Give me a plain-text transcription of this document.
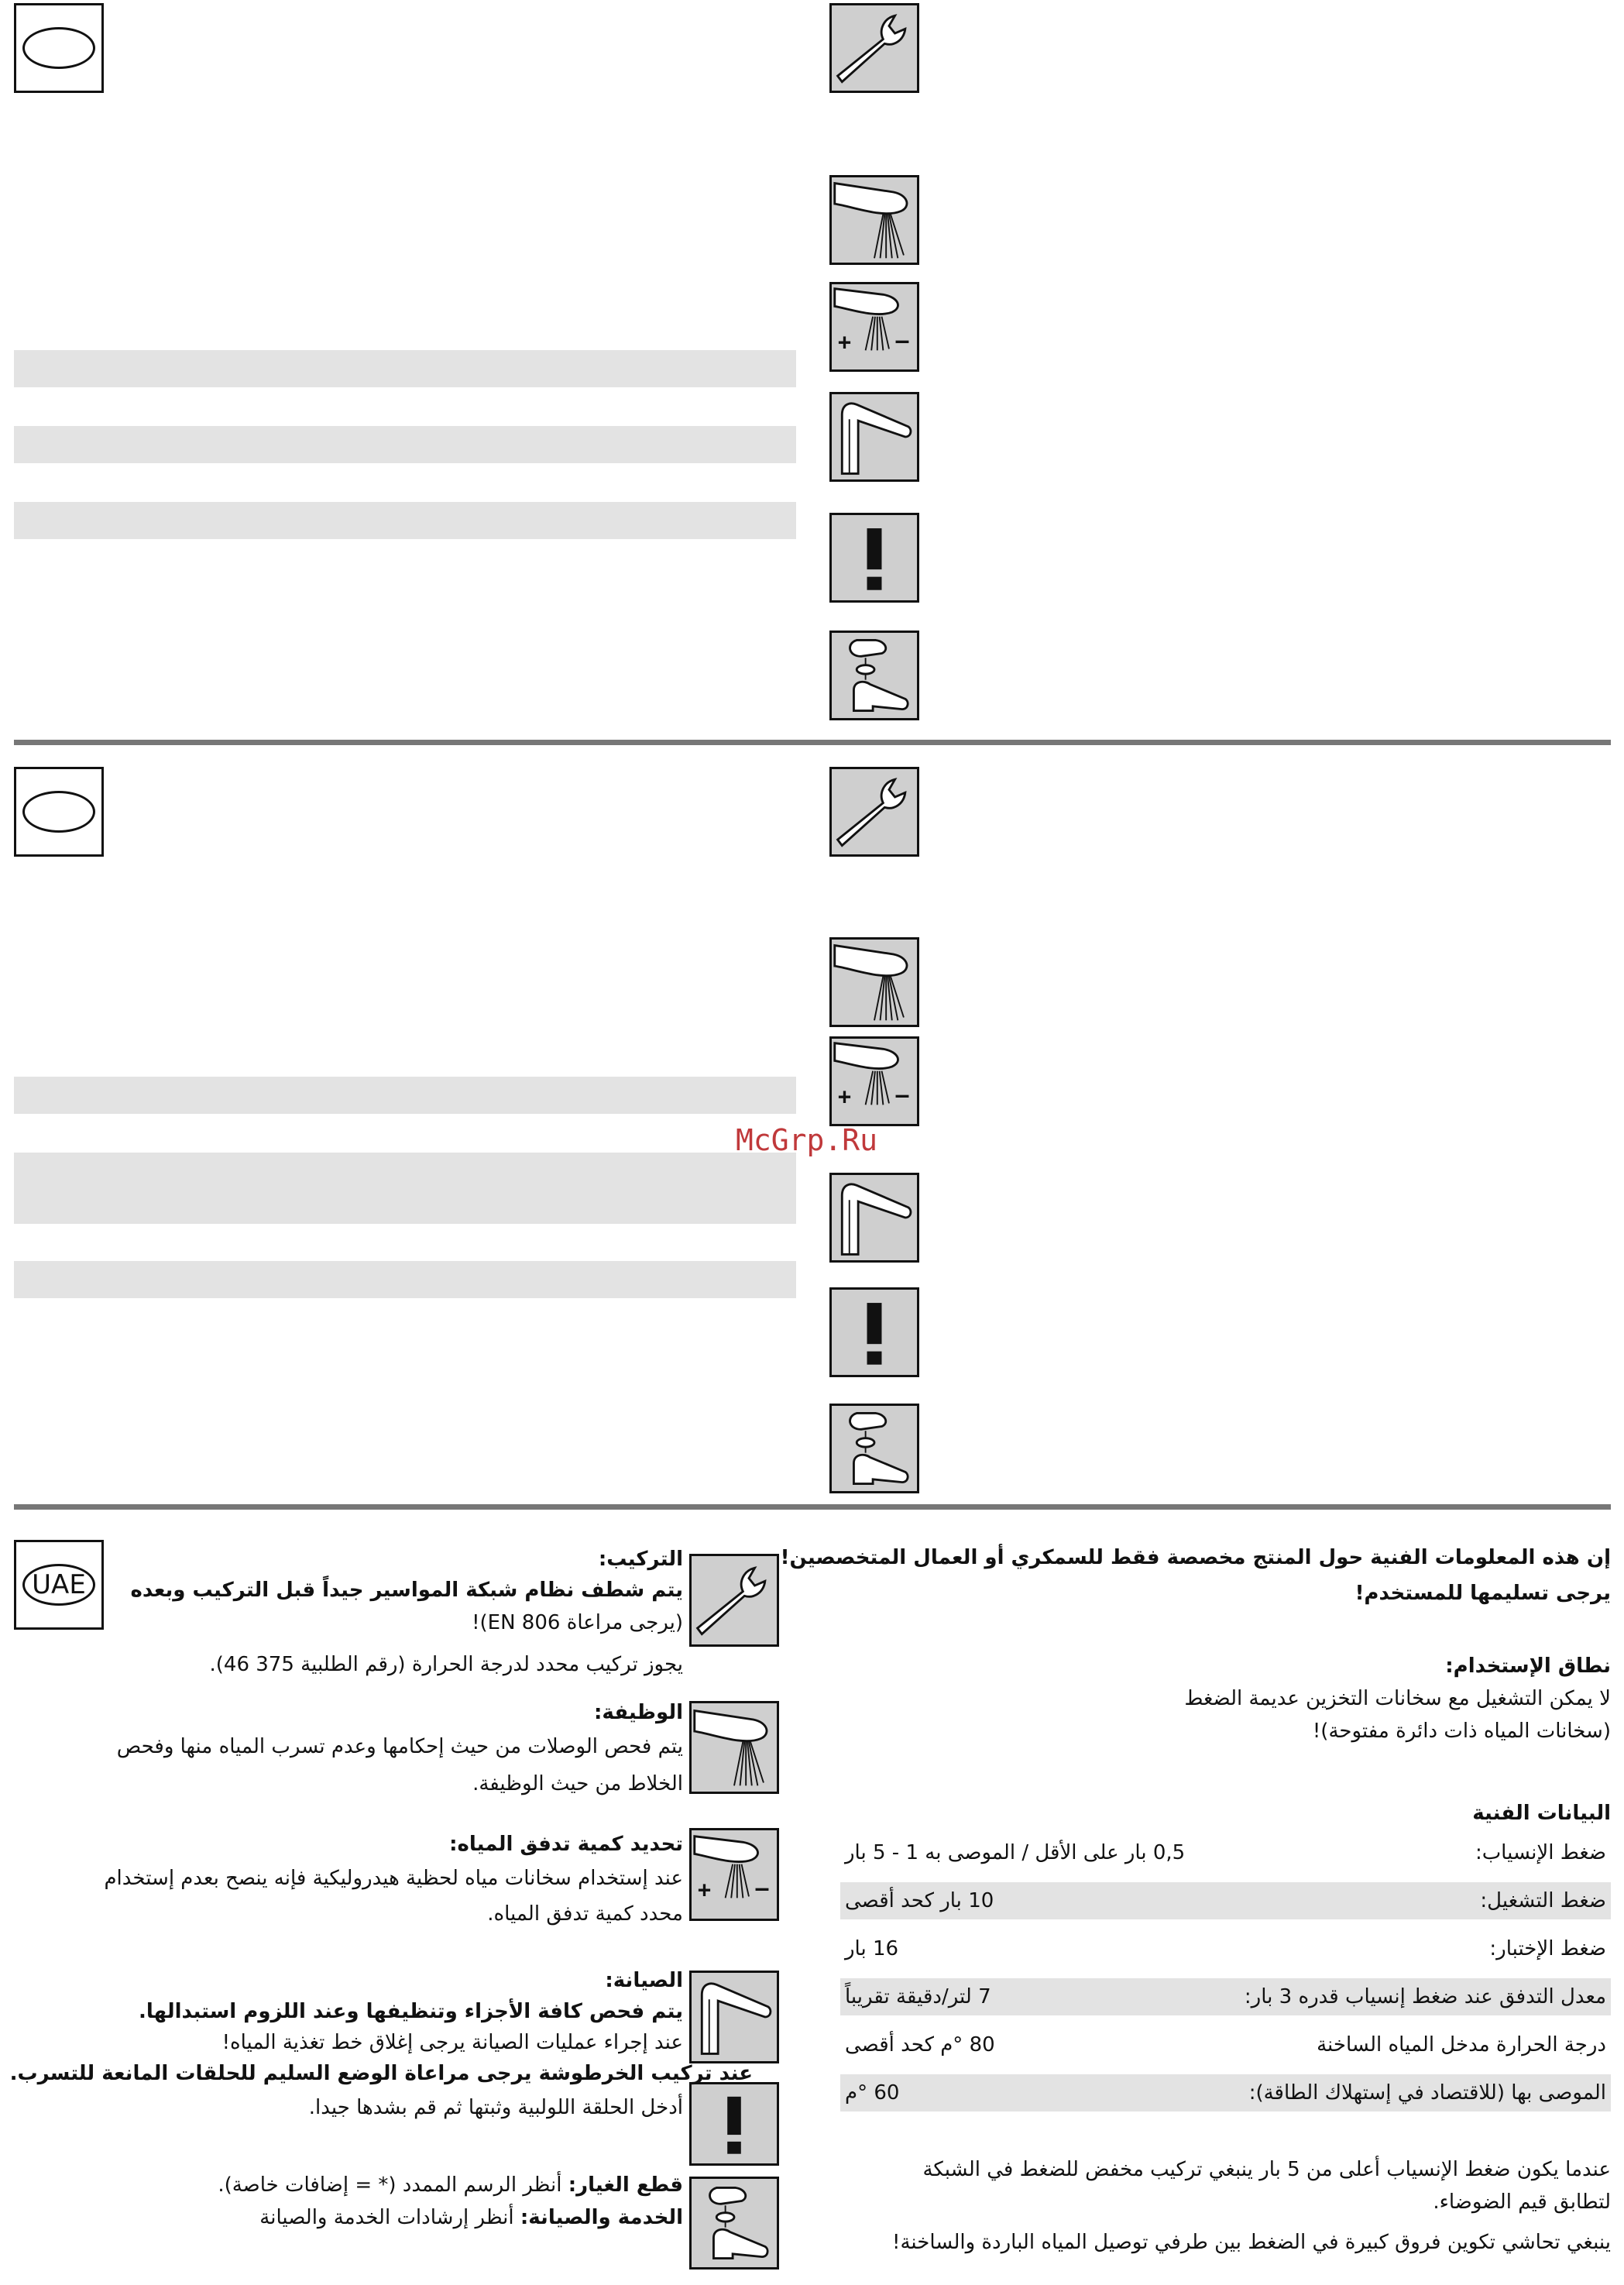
McGrp.Ru
UAE
التركيب:
يتم شطف نظام شبكة المواسير جيداً قبل التركيب وبعده
(يرجى مراعاة EN 806)!
يجوز تركيب محدد لدرجة الحرارة (رقم الطلبية 375 46).
الوظيفة:
يتم فحص الوصلات من حيث إحكامها وعدم تسرب المياه منها وفحص
الخلاط من حيث الوظيفة.
تحديد كمية تدفق المياه:
عند إستخدام سخانات مياه لحظية هيدروليكية فإنه ينصح بعدم إستخدام
محدد كمية تدفق المياه.
الصيانة:
يتم فحص كافة الأجزاء وتنظيفها وعند اللزوم استبدالها.
عند إجراء عمليات الصيانة يرجى إغلاق خط تغذية المياه!
عند تركيب الخرطوشة يرجى مراعاة الوضع السليم للحلقات المانعة للتسرب.
أدخل الحلقة اللولبية وثبتها ثم قم بشدها جيدا.
قطع الغيار: أنظر الرسم الممدد (* = إضافات خاصة).
الخدمة والصيانة: أنظر إرشادات الخدمة والصيانة
إن هذه المعلومات الفنية حول المنتج مخصصة فقط للسمكري أو العمال المتخصصين!
يرجى تسليمها للمستخدم!
نطاق الإستخدام:
لا يمكن التشغيل مع سخانات التخزين عديمة الضغط
(سخانات المياه ذات دائرة مفتوحة)!
البيانات الفنية
ضغط الإنسياب:
0,5 بار على الأقل / الموصى به 1 - 5 بار
ضغط التشغيل:
10 بار كحد أقصى
ضغط الإختبار:
16 بار
معدل التدفق عند ضغط إنسياب قدره 3 بار:
7 لتر/دقيقة تقريباً
درجة الحرارة مدخل المياه الساخنة
80 °م كحد أقصى
الموصى بها (للاقتصاد في إستهلاك الطاقة):
60 °م
عندما يكون ضغط الإنسياب أعلى من 5 بار ينبغي تركيب مخفض للضغط في الشبكة
لتطابق قيم الضوضاء.
ينبغي تحاشي تكوين فروق كبيرة في الضغط بين طرفي توصيل المياه الباردة والساخنة!
